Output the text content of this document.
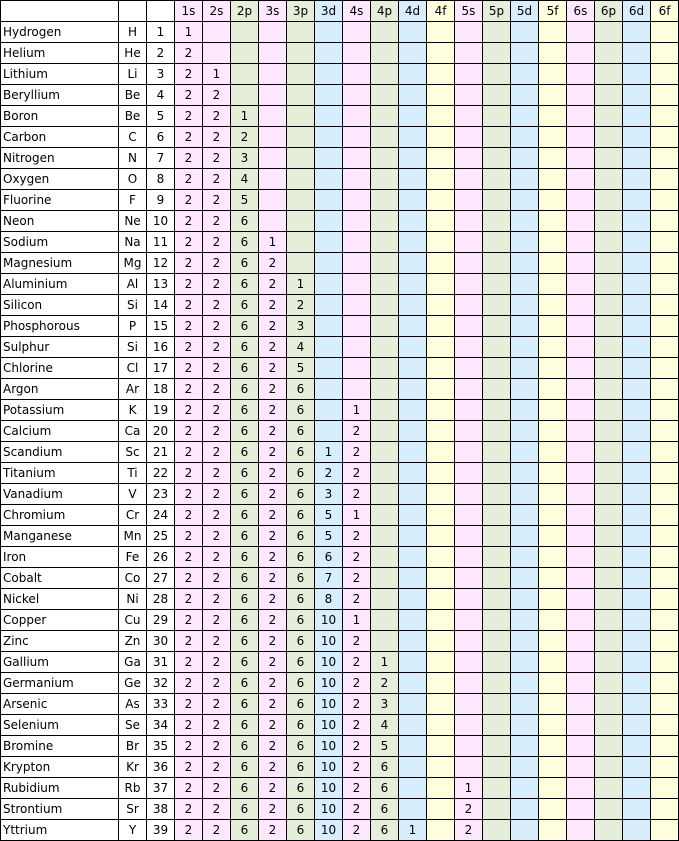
			1s	2s	2p	3s	3p	3d	4s	4p	4d	4f	5s	5p	5d	5f	6s	6p	6d	6f
Hydrogen	H	1	1																	
Helium	He	2	2																	
Lithium	Li	3	2	1																
Beryllium	Be	4	2	2																
Boron	Be	5	2	2	1															
Carbon	C	6	2	2	2															
Nitrogen	N	7	2	2	3															
Oxygen	O	8	2	2	4															
Fluorine	F	9	2	2	5															
Neon	Ne	10	2	2	6															
Sodium	Na	11	2	2	6	1														
Magnesium	Mg	12	2	2	6	2														
Aluminium	Al	13	2	2	6	2	1													
Silicon	Si	14	2	2	6	2	2													
Phosphorous	P	15	2	2	6	2	3													
Sulphur	Si	16	2	2	6	2	4													
Chlorine	Cl	17	2	2	6	2	5													
Argon	Ar	18	2	2	6	2	6													
Potassium	K	19	2	2	6	2	6		1											
Calcium	Ca	20	2	2	6	2	6		2											
Scandium	Sc	21	2	2	6	2	6	1	2											
Titanium	Ti	22	2	2	6	2	6	2	2											
Vanadium	V	23	2	2	6	2	6	3	2											
Chromium	Cr	24	2	2	6	2	6	5	1											
Manganese	Mn	25	2	2	6	2	6	5	2											
Iron	Fe	26	2	2	6	2	6	6	2											
Cobalt	Co	27	2	2	6	2	6	7	2											
Nickel	Ni	28	2	2	6	2	6	8	2											
Copper	Cu	29	2	2	6	2	6	10	1											
Zinc	Zn	30	2	2	6	2	6	10	2											
Gallium	Ga	31	2	2	6	2	6	10	2	1										
Germanium	Ge	32	2	2	6	2	6	10	2	2										
Arsenic	As	33	2	2	6	2	6	10	2	3										
Selenium	Se	34	2	2	6	2	6	10	2	4										
Bromine	Br	35	2	2	6	2	6	10	2	5										
Krypton	Kr	36	2	2	6	2	6	10	2	6										
Rubidium	Rb	37	2	2	6	2	6	10	2	6			1							
Strontium	Sr	38	2	2	6	2	6	10	2	6			2							
Yttrium	Y	39	2	2	6	2	6	10	2	6	1		2							
